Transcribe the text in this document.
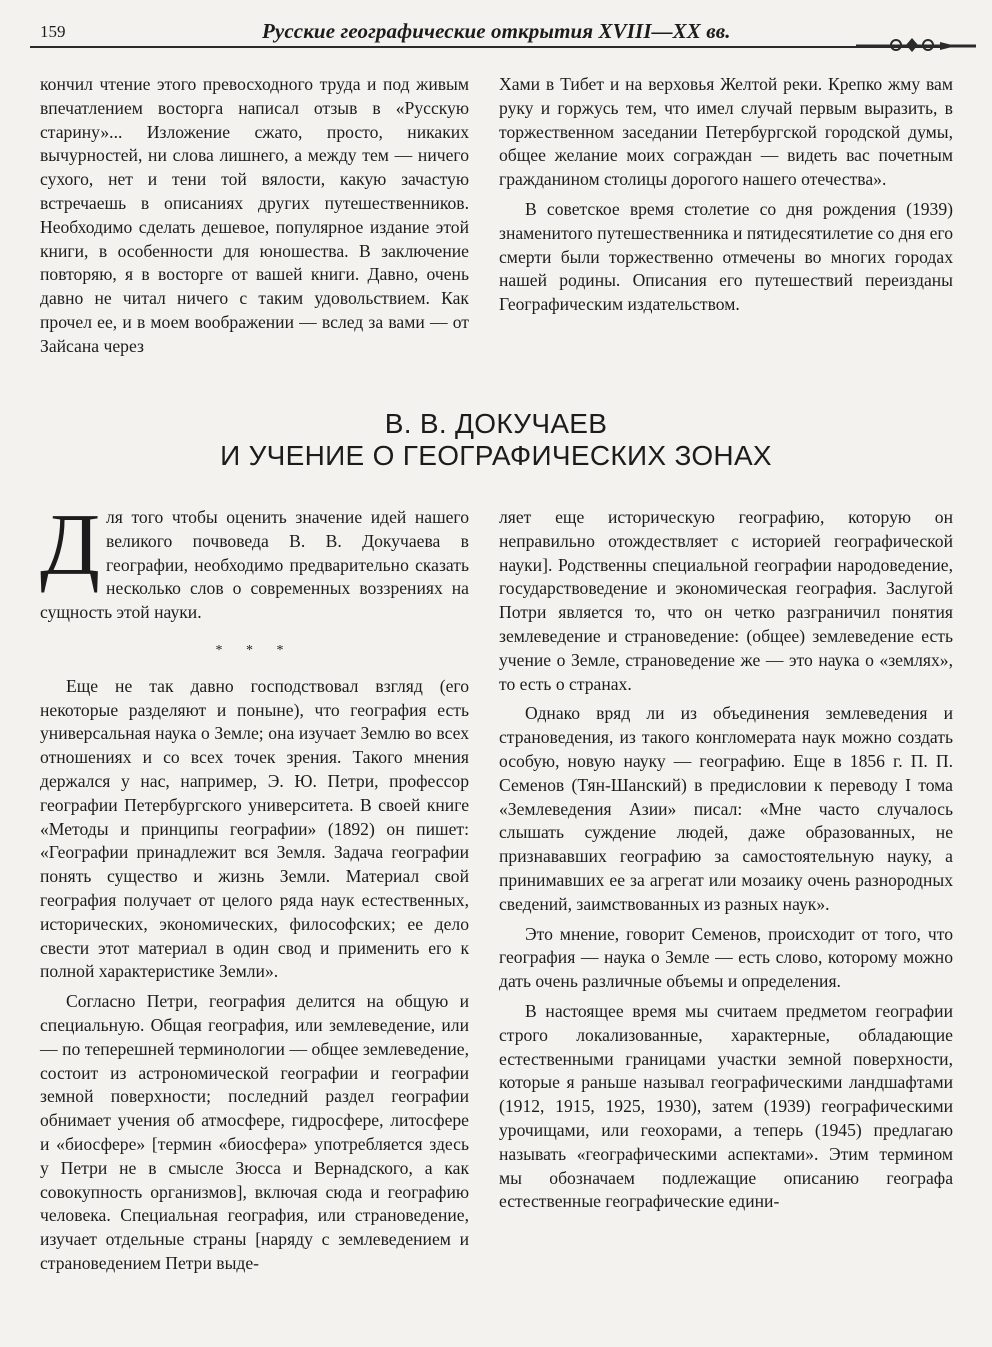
159	Русские географические открытия XVIII—XX вв.

кончил чтение этого превосходного труда и под живым впечатлением восторга написал отзыв в «Русскую старину»... Изложение сжато, просто, никаких вычурностей, ни слова лишнего, а между тем — ничего сухого, нет и тени той вялости, какую зачастую встречаешь в описаниях других путешественников. Необходимо сделать дешевое, популярное издание этой книги, в особенности для юношества. В заключение повторяю, я в восторге от вашей книги. Давно, очень давно не читал ничего с таким удовольствием. Как прочел ее, и в моем воображении — вслед за вами — от Зайсана через

Хами в Тибет и на верховья Желтой реки. Крепко жму вам руку и горжусь тем, что имел случай первым выразить, в торжественном заседании Петербургской городской думы, общее желание моих сограждан — видеть вас почетным гражданином столицы дорогого нашего отечества».

В советское время столетие со дня рождения (1939) знаменитого путешественника и пятидесятилетие со дня его смерти были торжественно отмечены во многих городах нашей родины. Описания его путешествий переизданы Географическим издательством.

В. В. ДОКУЧАЕВ
И УЧЕНИЕ О ГЕОГРАФИЧЕСКИХ ЗОНАХ

Для того чтобы оценить значение идей нашего великого почвоведа В. В. Докучаева в географии, необходимо предварительно сказать несколько слов о современных воззрениях на сущность этой науки.

* * *

Еще не так давно господствовал взгляд (его некоторые разделяют и поныне), что география есть универсальная наука о Земле; она изучает Землю во всех отношениях и со всех точек зрения. Такого мнения держался у нас, например, Э. Ю. Петри, профессор географии Петербургского университета. В своей книге «Методы и принципы географии» (1892) он пишет: «Географии принадлежит вся Земля. Задача географии понять существо и жизнь Земли. Материал свой география получает от целого ряда наук естественных, исторических, экономических, философских; ее дело свести этот материал в один свод и применить его к полной характеристике Земли».

Согласно Петри, география делится на общую и специальную. Общая география, или землеведение, или — по теперешней терминологии — общее землеведение, состоит из астрономической географии и географии земной поверхности; последний раздел географии обнимает учения об атмосфере, гидросфере, литосфере и «биосфере» [термин «биосфера» употребляется здесь у Петри не в смысле Зюсса и Вернадского, а как совокупность организмов], включая сюда и географию человека. Специальная география, или страноведение, изучает отдельные страны [наряду с землеведением и страноведением Петри выде-

ляет еще историческую географию, которую он неправильно отождествляет с историей географической науки]. Родственны специальной географии народоведение, государствоведение и экономическая география. Заслугой Потри является то, что он четко разграничил понятия землеведение и страноведение: (общее) землеведение есть учение о Земле, страноведение же — это наука о «землях», то есть о странах.

Однако вряд ли из объединения землеведения и страноведения, из такого конгломерата наук можно создать особую, новую науку — географию. Еще в 1856 г. П. П. Семенов (Тян-Шанский) в предисловии к переводу I тома «Землеведения Азии» писал: «Мне часто случалось слышать суждение людей, даже образованных, не признававших географию за самостоятельную науку, а принимавших ее за агрегат или мозаику очень разнородных сведений, заимствованных из разных наук».

Это мнение, говорит Семенов, происходит от того, что география — наука о Земле — есть слово, которому можно дать очень различные объемы и определения.

В настоящее время мы считаем предметом географии строго локализованные, характерные, обладающие естественными границами участки земной поверхности, которые я раньше называл географическими ландшафтами (1912, 1915, 1925, 1930), затем (1939) географическими урочищами, или геохорами, а теперь (1945) предлагаю называть «географическими аспектами». Этим термином мы обозначаем подлежащие описанию географа естественные географические едини-
